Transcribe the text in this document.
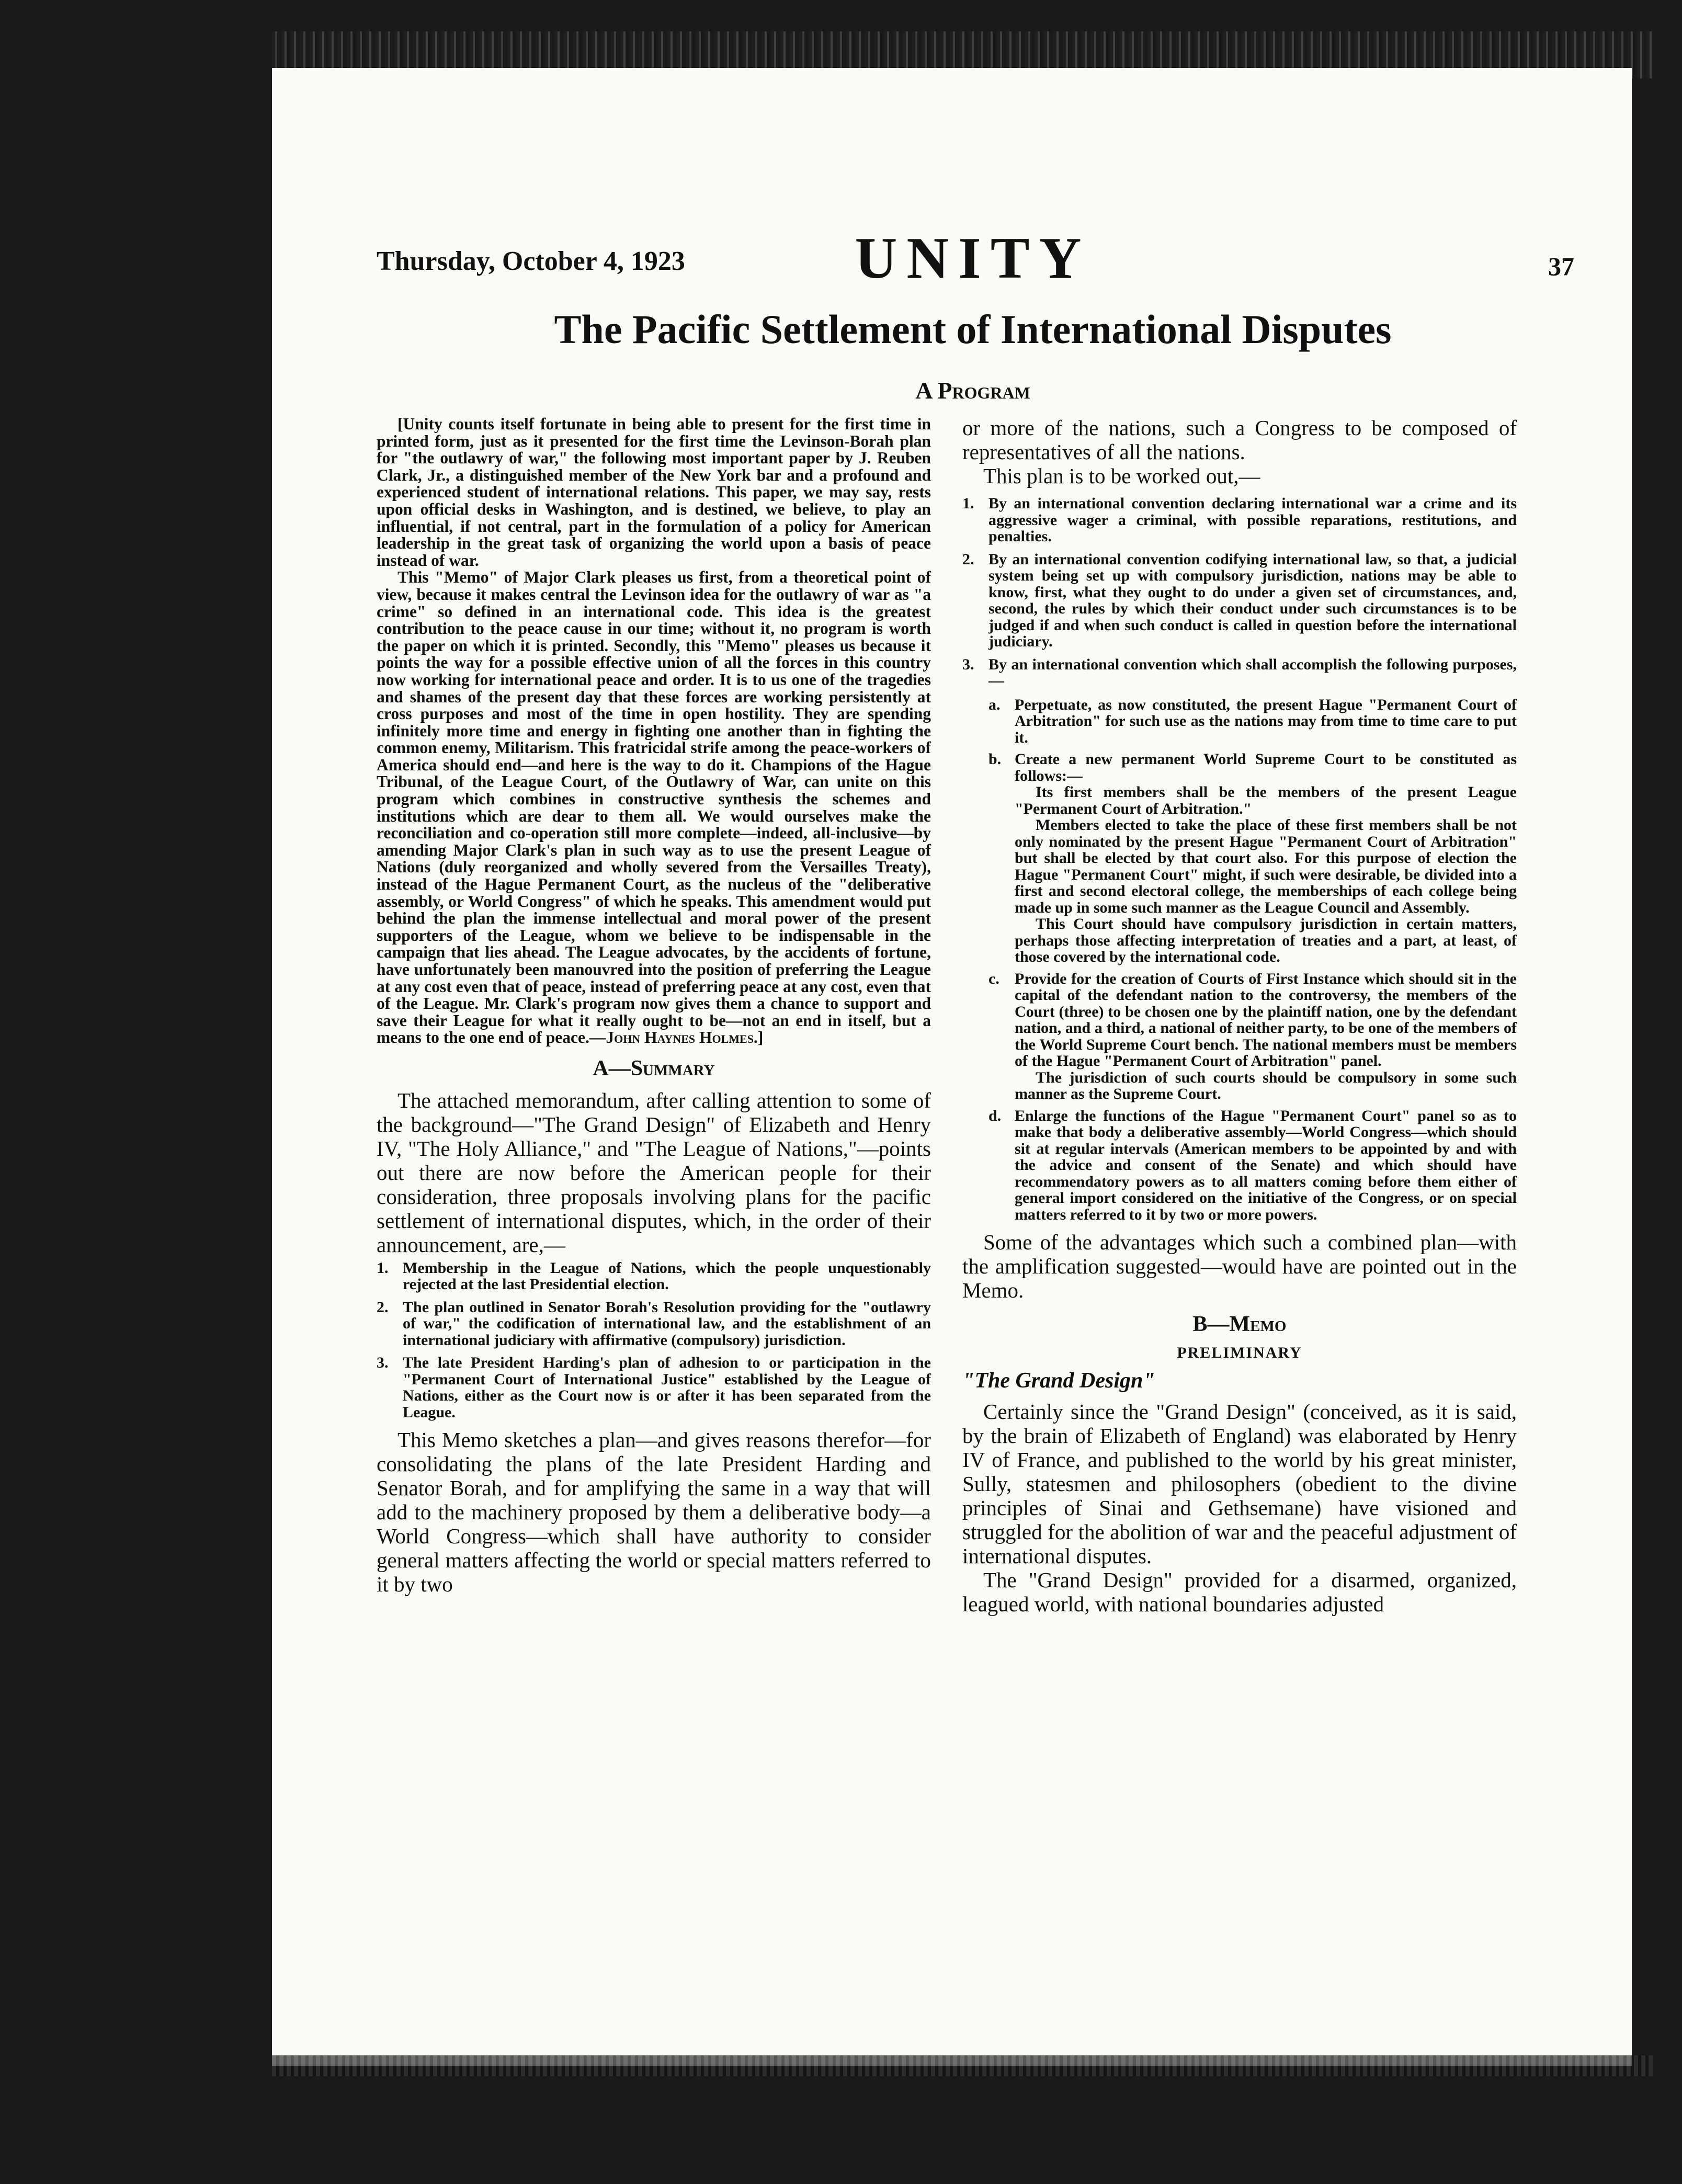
Thursday, October 4, 1923	UNITY	37
The Pacific Settlement of International Disputes
A Program

[Unity counts itself fortunate in being able to present for the first time in printed form, just as it presented for the first time the Levinson-Borah plan for "the outlawry of war," the following most important paper by J. Reuben Clark, Jr., a distinguished member of the New York bar and a profound and experienced student of international relations. This paper, we may say, rests upon official desks in Washington, and is destined, we believe, to play an influential, if not central, part in the formulation of a policy for American leadership in the great task of organizing the world upon a basis of peace instead of war.

This "Memo" of Major Clark pleases us first, from a theoretical point of view, because it makes central the Levinson idea for the outlawry of war as "a crime" so defined in an international code. This idea is the greatest contribution to the peace cause in our time; without it, no program is worth the paper on which it is printed. Secondly, this "Memo" pleases us because it points the way for a possible effective union of all the forces in this country now working for international peace and order. It is to us one of the tragedies and shames of the present day that these forces are working persistently at cross purposes and most of the time in open hostility. They are spending infinitely more time and energy in fighting one another than in fighting the common enemy, Militarism. This fratricidal strife among the peace-workers of America should end—and here is the way to do it. Champions of the Hague Tribunal, of the League Court, of the Outlawry of War, can unite on this program which combines in constructive synthesis the schemes and institutions which are dear to them all. We would ourselves make the reconciliation and co-operation still more complete—indeed, all-inclusive—by amending Major Clark's plan in such way as to use the present League of Nations (duly reorganized and wholly severed from the Versailles Treaty), instead of the Hague Permanent Court, as the nucleus of the "deliberative assembly, or World Congress" of which he speaks. This amendment would put behind the plan the immense intellectual and moral power of the present supporters of the League, whom we believe to be indispensable in the campaign that lies ahead. The League advocates, by the accidents of fortune, have unfortunately been manouvred into the position of preferring the League at any cost even that of peace, instead of preferring peace at any cost, even that of the League. Mr. Clark's program now gives them a chance to support and save their League for what it really ought to be—not an end in itself, but a means to the one end of peace.—John Haynes Holmes.]

A—Summary

The attached memorandum, after calling attention to some of the background—"The Grand Design" of Elizabeth and Henry IV, "The Holy Alliance," and "The League of Nations,"—points out there are now before the American people for their consideration, three proposals involving plans for the pacific settlement of international disputes, which, in the order of their announcement, are,—

1. Membership in the League of Nations, which the people unquestionably rejected at the last Presidential election.
2. The plan outlined in Senator Borah's Resolution providing for the "outlawry of war," the codification of international law, and the establishment of an international judiciary with affirmative (compulsory) jurisdiction.
3. The late President Harding's plan of adhesion to or participation in the "Permanent Court of International Justice" established by the League of Nations, either as the Court now is or after it has been separated from the League.

This Memo sketches a plan—and gives reasons therefor—for consolidating the plans of the late President Harding and Senator Borah, and for amplifying the same in a way that will add to the machinery proposed by them a deliberative body—a World Congress—which shall have authority to consider general matters affecting the world or special matters referred to it by two

or more of the nations, such a Congress to be composed of representatives of all the nations.

This plan is to be worked out,—

1. By an international convention declaring international war a crime and its aggressive wager a criminal, with possible reparations, restitutions, and penalties.
2. By an international convention codifying international law, so that, a judicial system being set up with compulsory jurisdiction, nations may be able to know, first, what they ought to do under a given set of circumstances, and, second, the rules by which their conduct under such circumstances is to be judged if and when such conduct is called in question before the international judiciary.
3. By an international convention which shall accomplish the following purposes,—
a. Perpetuate, as now constituted, the present Hague "Permanent Court of Arbitration" for such use as the nations may from time to time care to put it.
b. Create a new permanent World Supreme Court to be constituted as follows:—
Its first members shall be the members of the present League "Permanent Court of Arbitration."
Members elected to take the place of these first members shall be not only nominated by the present Hague "Permanent Court of Arbitration" but shall be elected by that court also. For this purpose of election the Hague "Permanent Court" might, if such were desirable, be divided into a first and second electoral college, the memberships of each college being made up in some such manner as the League Council and Assembly.
This Court should have compulsory jurisdiction in certain matters, perhaps those affecting interpretation of treaties and a part, at least, of those covered by the international code.
c. Provide for the creation of Courts of First Instance which should sit in the capital of the defendant nation to the controversy, the members of the Court (three) to be chosen one by the plaintiff nation, one by the defendant nation, and a third, a national of neither party, to be one of the members of the World Supreme Court bench. The national members must be members of the Hague "Permanent Court of Arbitration" panel.
The jurisdiction of such courts should be compulsory in some such manner as the Supreme Court.
d. Enlarge the functions of the Hague "Permanent Court" panel so as to make that body a deliberative assembly—World Congress—which should sit at regular intervals (American members to be appointed by and with the advice and consent of the Senate) and which should have recommendatory powers as to all matters coming before them either of general import considered on the initiative of the Congress, or on special matters referred to it by two or more powers.

Some of the advantages which such a combined plan—with the amplification suggested—would have are pointed out in the Memo.

B—Memo
PRELIMINARY
"The Grand Design"

Certainly since the "Grand Design" (conceived, as it is said, by the brain of Elizabeth of England) was elaborated by Henry IV of France, and published to the world by his great minister, Sully, statesmen and philosophers (obedient to the divine principles of Sinai and Gethsemane) have visioned and struggled for the abolition of war and the peaceful adjustment of international disputes.

The "Grand Design" provided for a disarmed, organized, leagued world, with national boundaries adjusted
